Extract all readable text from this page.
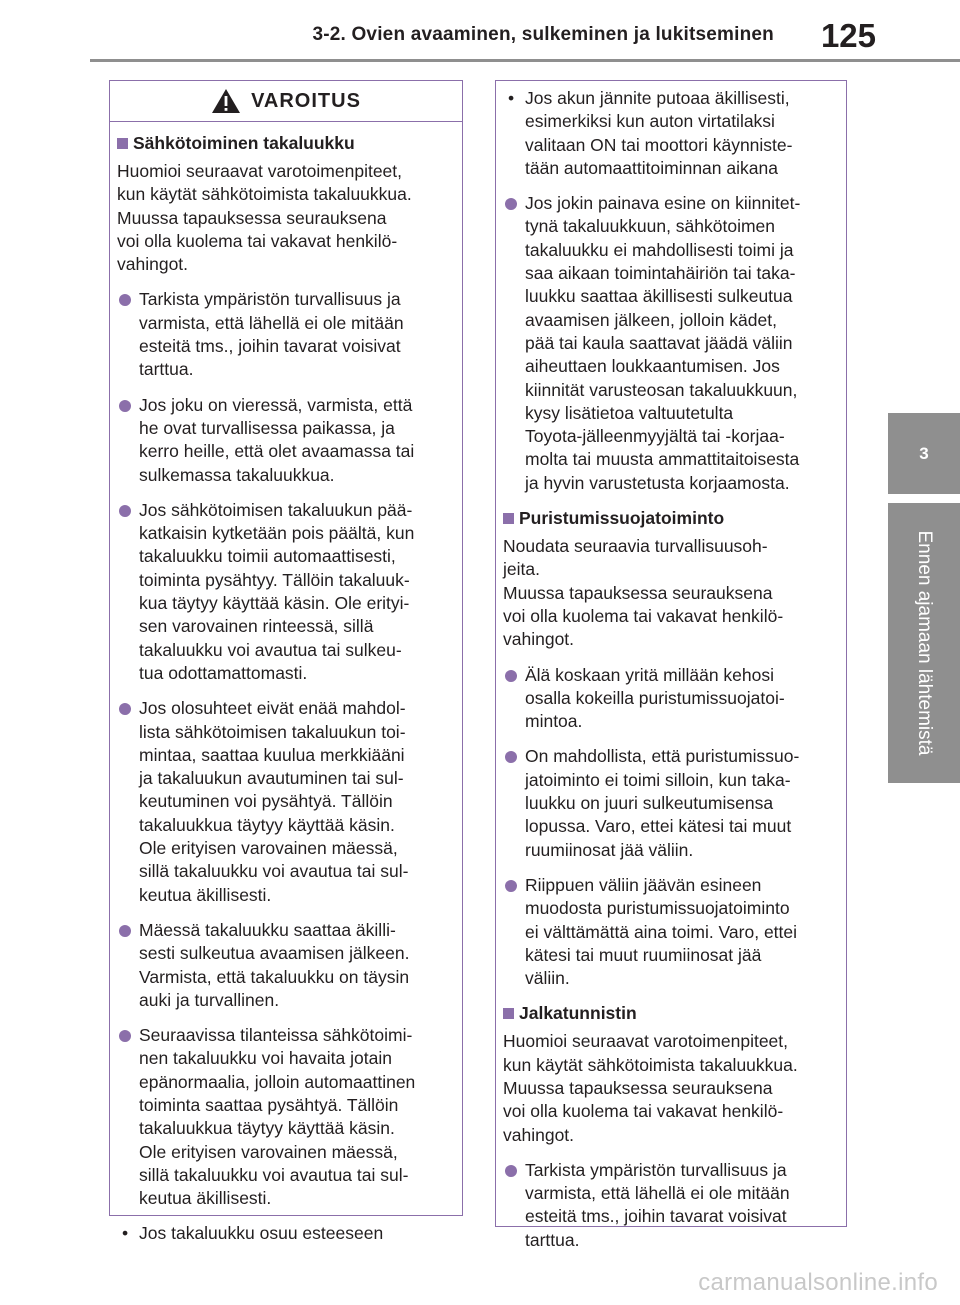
3-2. Ovien avaaminen, sulkeminen ja lukitseminen 125
3
Ennen ajamaan lähtemistä
VAROITUS
Sähkötoiminen takaluukku
Huomioi seuraavat varotoimenpiteet,
kun käytät sähkötoimista takaluukkua.
Muussa tapauksessa seurauksena
voi olla kuolema tai vakavat henkilö-
vahingot.
Tarkista ympäristön turvallisuus ja
varmista, että lähellä ei ole mitään
esteitä tms., joihin tavarat voisivat
tarttua.
Jos joku on vieressä, varmista, että
he ovat turvallisessa paikassa, ja
kerro heille, että olet avaamassa tai
sulkemassa takaluukkua.
Jos sähkötoimisen takaluukun pää-
katkaisin kytketään pois päältä, kun
takaluukku toimii automaattisesti,
toiminta pysähtyy. Tällöin takaluuk-
kua täytyy käyttää käsin. Ole erityi-
sen varovainen rinteessä, sillä
takaluukku voi avautua tai sulkeu-
tua odottamattomasti.
Jos olosuhteet eivät enää mahdol-
lista sähkötoimisen takaluukun toi-
mintaa, saattaa kuulua merkkiääni
ja takaluukun avautuminen tai sul-
keutuminen voi pysähtyä. Tällöin
takaluukkua täytyy käyttää käsin.
Ole erityisen varovainen mäessä,
sillä takaluukku voi avautua tai sul-
keutua äkillisesti.
Mäessä takaluukku saattaa äkilli-
sesti sulkeutua avaamisen jälkeen.
Varmista, että takaluukku on täysin
auki ja turvallinen.
Seuraavissa tilanteissa sähkötoimi-
nen takaluukku voi havaita jotain
epänormaalia, jolloin automaattinen
toiminta saattaa pysähtyä. Tällöin
takaluukkua täytyy käyttää käsin.
Ole erityisen varovainen mäessä,
sillä takaluukku voi avautua tai sul-
keutua äkillisesti.
• Jos takaluukku osuu esteeseen
• Jos akun jännite putoaa äkillisesti,
esimerkiksi kun auton virtatilaksi
valitaan ON tai moottori käynniste-
tään automaattitoiminnan aikana
Jos jokin painava esine on kiinnitet-
tynä takaluukkuun, sähkötoimen
takaluukku ei mahdollisesti toimi ja
saa aikaan toimintahäiriön tai taka-
luukku saattaa äkillisesti sulkeutua
avaamisen jälkeen, jolloin kädet,
pää tai kaula saattavat jäädä väliin
aiheuttaen loukkaantumisen. Jos
kiinnität varusteosan takaluukkuun,
kysy lisätietoa valtuutetulta
Toyota-jälleenmyyjältä tai -korjaa-
molta tai muusta ammattitaitoisesta
ja hyvin varustetusta korjaamosta.
Puristumissuojatoiminto
Noudata seuraavia turvallisuusoh-
jeita.
Muussa tapauksessa seurauksena
voi olla kuolema tai vakavat henkilö-
vahingot.
Älä koskaan yritä millään kehosi
osalla kokeilla puristumissuojatoi-
mintoa.
On mahdollista, että puristumissuo-
jatoiminto ei toimi silloin, kun taka-
luukku on juuri sulkeutumisensa
lopussa. Varo, ettei kätesi tai muut
ruumiinosat jää väliin.
Riippuen väliin jäävän esineen
muodosta puristumissuojatoiminto
ei välttämättä aina toimi. Varo, ettei
kätesi tai muut ruumiinosat jää
väliin.
Jalkatunnistin
Huomioi seuraavat varotoimenpiteet,
kun käytät sähkötoimista takaluukkua.
Muussa tapauksessa seurauksena
voi olla kuolema tai vakavat henkilö-
vahingot.
Tarkista ympäristön turvallisuus ja
varmista, että lähellä ei ole mitään
esteitä tms., joihin tavarat voisivat
tarttua.
carmanualsonline.info
